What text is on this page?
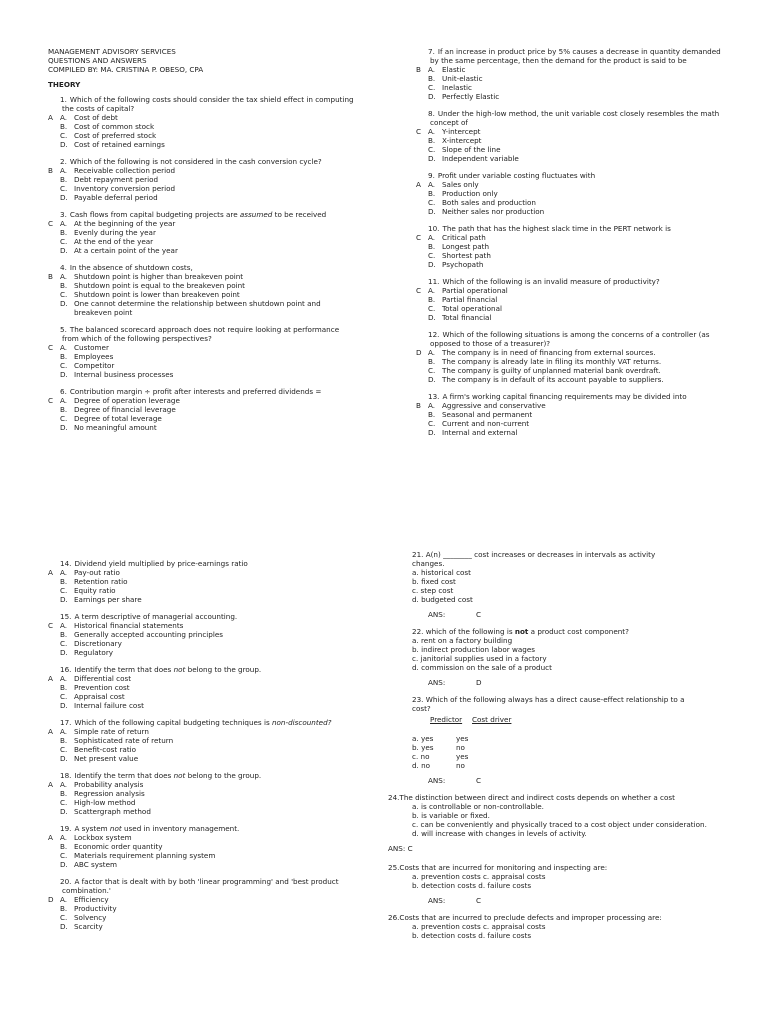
MANAGEMENT ADVISORY SERVICES
QUESTIONS AND ANSWERS
COMPILED BY: MA. CRISTINA P. OBESO, CPA
THEORY
1. Which of the following costs should consider the tax shield effect in computing the costs of capital?
A A. Cost of debt
B. Cost of common stock
C. Cost of preferred stock
D. Cost of retained earnings
2. Which of the following is not considered in the cash conversion cycle?
B A. Receivable collection period
B. Debt repayment period
C. Inventory conversion period
D. Payable deferral period
3. Cash flows from capital budgeting projects are assumed to be received
C A. At the beginning of the year
B. Evenly during the year
C. At the end of the year
D. At a certain point of the year
4. In the absence of shutdown costs,
B A. Shutdown point is higher than breakeven point
B. Shutdown point is equal to the breakeven point
C. Shutdown point is lower than breakeven point
D. One cannot determine the relationship between shutdown point and breakeven point
5. The balanced scorecard approach does not require looking at performance from which of the following perspectives?
C A. Customer
B. Employees
C. Competitor
D. Internal business processes
6. Contribution margin ÷ profit after interests and preferred dividends =
C A. Degree of operation leverage
B. Degree of financial leverage
C. Degree of total leverage
D. No meaningful amount
7. If an increase in product price by 5% causes a decrease in quantity demanded by the same percentage, then the demand for the product is said to be
B A. Elastic
B. Unit-elastic
C. Inelastic
D. Perfectly Elastic
8. Under the high-low method, the unit variable cost closely resembles the math concept of
C A. Y-intercept
B. X-intercept
C. Slope of the line
D. Independent variable
9. Profit under variable costing fluctuates with
A A. Sales only
B. Production only
C. Both sales and production
D. Neither sales nor production
10. The path that has the highest slack time in the PERT network is
C A. Critical path
B. Longest path
C. Shortest path
D. Psychopath
11. Which of the following is an invalid measure of productivity?
C A. Partial operational
B. Partial financial
C. Total operational
D. Total financial
12. Which of the following situations is among the concerns of a controller (as opposed to those of a treasurer)?
D A. The company is in need of financing from external sources.
B. The company is already late in filing its monthly VAT returns.
C. The company is guilty of unplanned material bank overdraft.
D. The company is in default of its account payable to suppliers.
13. A firm's working capital financing requirements may be divided into
B A. Aggressive and conservative
B. Seasonal and permanent
C. Current and non-current
D. Internal and external
14. Dividend yield multiplied by price-earnings ratio
A A. Pay-out ratio
B. Retention ratio
C. Equity ratio
D. Earnings per share
15. A term descriptive of managerial accounting.
C A. Historical financial statements
B. Generally accepted accounting principles
C. Discretionary
D. Regulatory
16. Identify the term that does not belong to the group.
A A. Differential cost
B. Prevention cost
C. Appraisal cost
D. Internal failure cost
17. Which of the following capital budgeting techniques is non-discounted?
A A. Simple rate of return
B. Sophisticated rate of return
C. Benefit-cost ratio
D. Net present value
18. Identify the term that does not belong to the group.
A A. Probability analysis
B. Regression analysis
C. High-low method
D. Scattergraph method
19. A system not used in inventory management.
A A. Lockbox system
B. Economic order quantity
C. Materials requirement planning system
D. ABC system
20. A factor that is dealt with by both 'linear programming' and 'best product combination.'
D A. Efficiency
B. Productivity
C. Solvency
D. Scarcity
21. A(n) ________ cost increases or decreases in intervals as activity
changes.
a. historical cost
b. fixed cost
c. step cost
d. budgeted cost
ANS:	C
22. which of the following is not a product cost component?
a. rent on a factory building
b. indirect production labor wages
c. janitorial supplies used in a factory
d. commission on the sale of a product
ANS:	D
23. Which of the following always has a direct cause-effect relationship to a
cost?
Predictor	Cost driver
a. yes	yes
b. yes	no
c. no	yes
d. no	no
ANS:	C
24.The distinction between direct and indirect costs depends on whether a cost
a. is controllable or non-controllable.
b. is variable or fixed.
c. can be conveniently and physically traced to a cost object under consideration.
d. will increase with changes in levels of activity.
ANS: C
25.Costs that are incurred for monitoring and inspecting are:
a. prevention costs c. appraisal costs
b. detection costs d. failure costs
ANS:	C
26.Costs that are incurred to preclude defects and improper processing are:
a. prevention costs c. appraisal costs
b. detection costs d. failure costs
